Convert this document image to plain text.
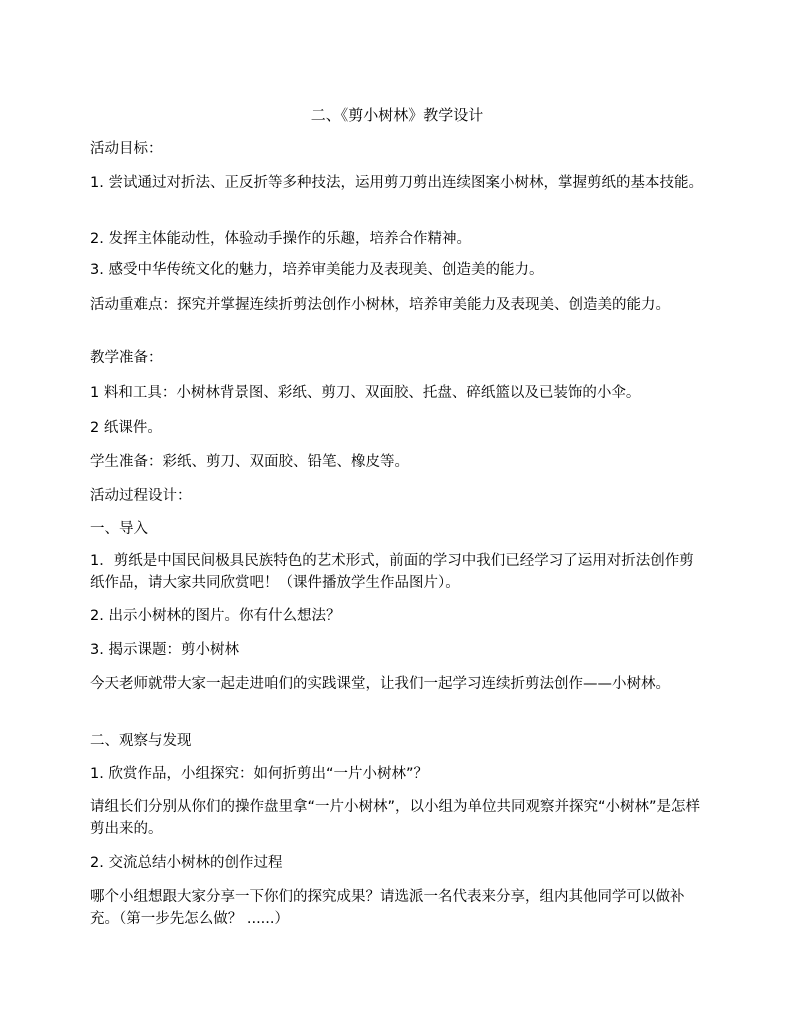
二、《剪小树林》教学设计
活动目标：
1. 尝试通过对折法、正反折等多种技法，运用剪刀剪出连续图案小树林，掌握剪纸的基本技能。
2. 发挥主体能动性，体验动手操作的乐趣，培养合作精神。
3. 感受中华传统文化的魅力，培养审美能力及表现美、创造美的能力。
活动重难点：探究并掌握连续折剪法创作小树林，培养审美能力及表现美、创造美的能力。
教学准备：
1 料和工具：小树林背景图、彩纸、剪刀、双面胶、托盘、碎纸篮以及已装饰的小伞。
2 纸课件。
学生准备：彩纸、剪刀、双面胶、铅笔、橡皮等。
活动过程设计：
一、导入
1．剪纸是中国民间极具民族特色的艺术形式，前面的学习中我们已经学习了运用对折法创作剪纸作品，请大家共同欣赏吧！（课件播放学生作品图片）。
2. 出示小树林的图片。你有什么想法？
3. 揭示课题：剪小树林
今天老师就带大家一起走进咱们的实践课堂，让我们一起学习连续折剪法创作——小树林。
二、观察与发现
1. 欣赏作品，小组探究：如何折剪出“一片小树林”？
请组长们分别从你们的操作盘里拿“一片小树林”，以小组为单位共同观察并探究“小树林”是怎样剪出来的。
2. 交流总结小树林的创作过程
哪个小组想跟大家分享一下你们的探究成果？请选派一名代表来分享，组内其他同学可以做补充。（第一步先怎么做？ ......）
